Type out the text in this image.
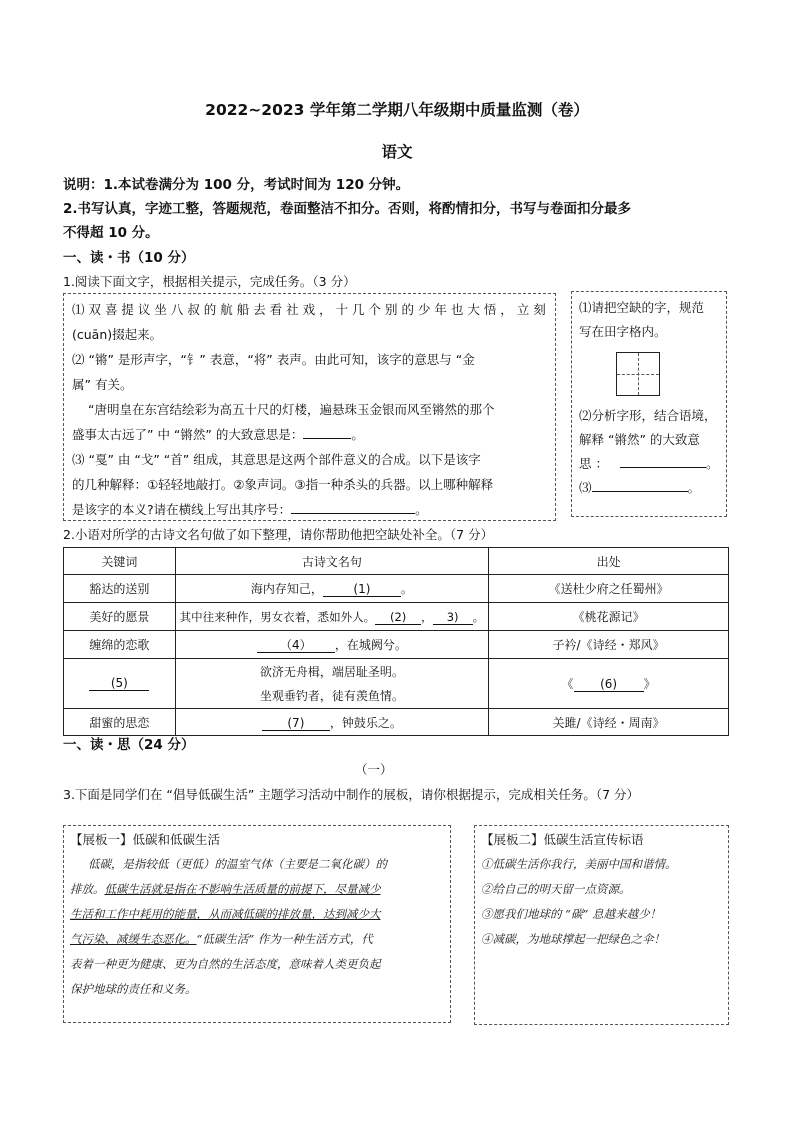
2022~2023 学年第二学期八年级期中质量监测（卷）
语文
说明：1.本试卷满分为 100 分，考试时间为 120 分钟。
2.书写认真，字迹工整，答题规范，卷面整洁不扣分。否则，将酌情扣分，书写与卷面扣分最多
不得超 10 分。
一、读・书（10 分）
1.阅读下面文字，根据相关提示，完成任务。（3 分）
⑴ 双 喜 提 议 坐 八 叔 的 航 船 去 看 社 戏 ， 十 几 个 别 的 少 年 也 大 悟 ， 立 刻
(cuān)掇起来。
⑵ “锵” 是形声字，“钅” 表意，“将” 表声。由此可知，该字的意思与 “金
属” 有关。
“唐明皇在东宫结绘彩为高五十尺的灯楼，遍悬珠玉金银而风至锵然的那个
盛事太古远了” 中 “锵然” 的大致意思是：	。
⑶ “戛” 由 “戈” “首” 组成，其意思是这两个部件意义的合成。以下是该字
的几种解释：①轻轻地敲打。②象声词。③指一种杀头的兵器。以上哪种解释
是该字的本义?请在横线上写出其序号：	。
⑴请把空缺的字，规范
写在田字格内。
⑵分析字形，结合语境，
解释 “锵然” 的大致意
思 ：	。
⑶	。
2.小语对所学的古诗文名句做了如下整理，请你帮助他把空缺处补全。（7 分）
关键词	古诗文名句	出处
豁达的送别	海内存知己， (1) 。	《送杜少府之任蜀州》
美好的愿景	其中往来种作，男女衣着，悉如外人。 (2) ， 3) 。	《桃花源记》
缠绵的恋歌	（4） ，在城阙兮。	子衿/《诗经・郑风》
(5)	欲济无舟楫，端居耻圣明。
坐观垂钓者，徒有羡鱼情。	《 (6) 》
甜蜜的思恋	(7) ，钟鼓乐之。	关雎/《诗经・周南》
一、读・思（24 分）
（一）
3.下面是同学们在 “倡导低碳生活” 主题学习活动中制作的展板，请你根据提示，完成相关任务。（7 分）
【展板一】低碳和低碳生活
低碳，是指较低（更低）的温室气体（主要是二氧化碳）的
排放。低碳生活就是指在不影响生活质量的前提下，尽量减少
生活和工作中耗用的能量，从而减低碳的排放量，达到减少大
气污染、减缓生态恶化。“低碳生活” 作为一种生活方式，代
表着一种更为健康、更为自然的生活态度，意味着人类更负起
保护地球的责任和义务。
【展板二】低碳生活宣传标语
①低碳生活你我行，美丽中国和谐情。
②给自己的明天留一点资源。
③愿我们地球的 “碳” 息越来越少！
④减碳，为地球撑起一把绿色之伞！
